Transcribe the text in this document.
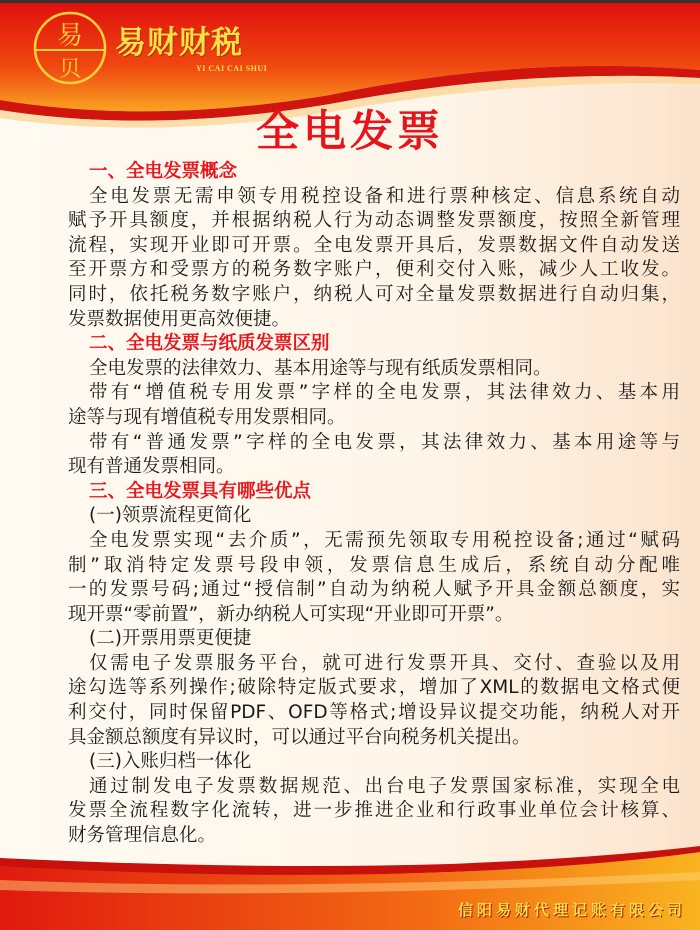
易
贝
易财财税
YI CAI CAI SHUI
全电发票
一、全电发票概念
全电发票无需申领专用税控设备和进行票种核定、信息系统自动
赋予开具额度，并根据纳税人行为动态调整发票额度，按照全新管理
流程，实现开业即可开票。全电发票开具后，发票数据文件自动发送
至开票方和受票方的税务数字账户，便利交付入账，减少人工收发。
同时，依托税务数字账户，纳税人可对全量发票数据进行自动归集，
发票数据使用更高效便捷。
二、全电发票与纸质发票区别
全电发票的法律效力、基本用途等与现有纸质发票相同。
带有“增值税专用发票”字样的全电发票，其法律效力、基本用
途等与现有增值税专用发票相同。
带有“普通发票”字样的全电发票，其法律效力、基本用途等与
现有普通发票相同。
三、全电发票具有哪些优点
(一)领票流程更简化
全电发票实现“去介质”，无需预先领取专用税控设备;通过“赋码
制”取消特定发票号段申领，发票信息生成后，系统自动分配唯
一的发票号码;通过“授信制”自动为纳税人赋予开具金额总额度，实
现开票“零前置”，新办纳税人可实现“开业即可开票”。
(二)开票用票更便捷
仅需电子发票服务平台，就可进行发票开具、交付、查验以及用
途勾选等系列操作;破除特定版式要求，增加了XML的数据电文格式便
利交付，同时保留PDF、OFD等格式;增设异议提交功能，纳税人对开
具金额总额度有异议时，可以通过平台向税务机关提出。
(三)入账归档一体化
通过制发电子发票数据规范、出台电子发票国家标准，实现全电
发票全流程数字化流转，进一步推进企业和行政事业单位会计核算、
财务管理信息化。
信阳易财代理记账有限公司
